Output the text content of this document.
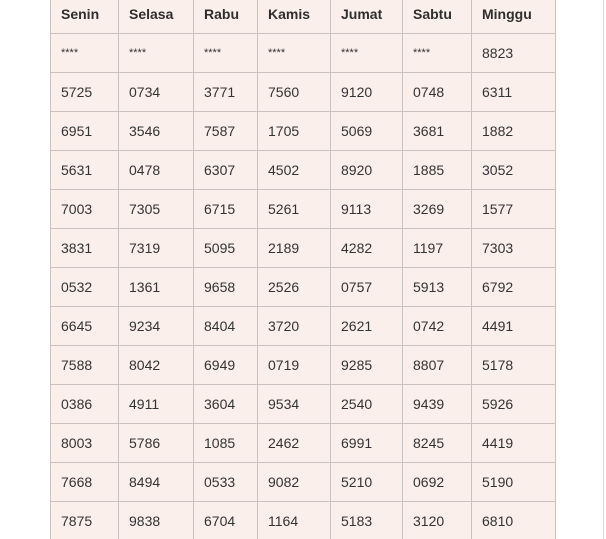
Senin	Selasa	Rabu	Kamis	Jumat	Sabtu	Minggu
****	****	****	****	****	****	8823
5725	0734	3771	7560	9120	0748	6311
6951	3546	7587	1705	5069	3681	1882
5631	0478	6307	4502	8920	1885	3052
7003	7305	6715	5261	9113	3269	1577
3831	7319	5095	2189	4282	1197	7303
0532	1361	9658	2526	0757	5913	6792
6645	9234	8404	3720	2621	0742	4491
7588	8042	6949	0719	9285	8807	5178
0386	4911	3604	9534	2540	9439	5926
8003	5786	1085	2462	6991	8245	4419
7668	8494	0533	9082	5210	0692	5190
7875	9838	6704	1164	5183	3120	6810
